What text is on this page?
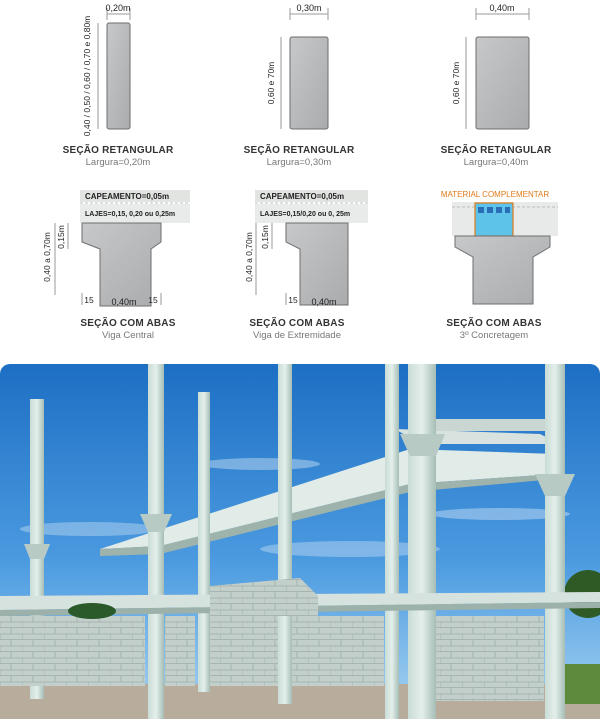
0,20m
0,40 / 0,50 / 0,60 / 0,70 e 0,80m
0,30m
0,60 e 70m
0,40m
0,60 e 70m
SEÇÃO RETANGULAR
Largura=0,20m
SEÇÃO RETANGULAR
Largura=0,30m
SEÇÃO RETANGULAR
Largura=0,40m
CAPEAMENTO=0,05m
LAJES=0,15, 0,20 ou 0,25m
0,40 a 0,70m 0,15m
15 0,40m 15
CAPEAMENTO=0,05m
LAJES=0,15/0,20 ou 0, 25m
0,40 a 0,70m 0,15m
15 0,40m
MATERIAL COMPLEMENTAR
SEÇÃO COM ABAS
Viga Central
SEÇÃO COM ABAS
Viga de Extremidade
SEÇÃO COM ABAS
3º Concretagem
